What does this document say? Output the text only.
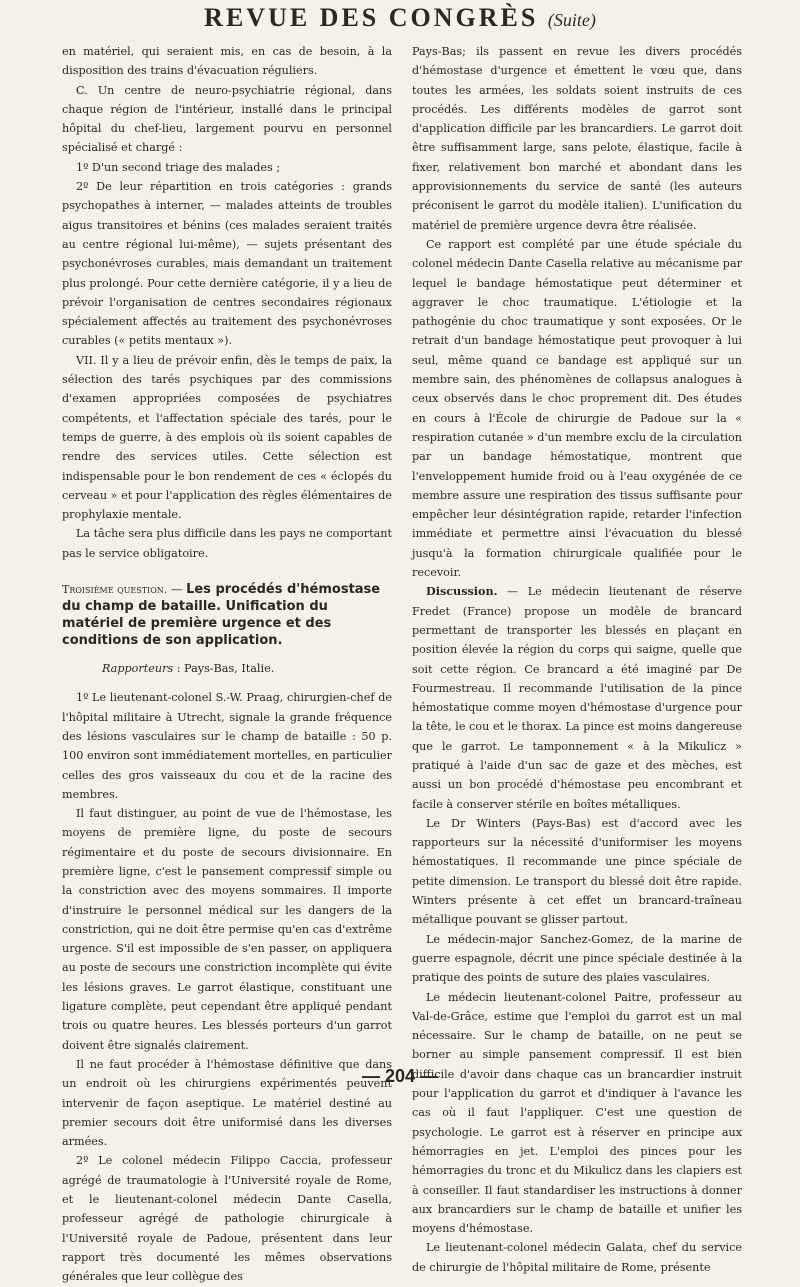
REVUE DES CONGRÈS (Suite)

en matériel, qui seraient mis, en cas de besoin, à la disposition des trains d'évacuation réguliers.

C. Un centre de neuro-psychiatrie régional, dans chaque région de l'intérieur, installé dans le principal hôpital du chef-lieu, largement pourvu en personnel spécialisé et chargé :

1º D'un second triage des malades ;

2º De leur répartition en trois catégories : grands psychopathes à interner, — malades atteints de troubles aigus transitoires et bénins (ces malades seraient traités au centre régional lui-même), — sujets présentant des psychonévroses curables, mais demandant un traitement plus prolongé. Pour cette dernière catégorie, il y a lieu de prévoir l'organisation de centres secondaires régionaux spécialement affectés au traitement des psychonévroses curables (« petits mentaux »).

VII. Il y a lieu de prévoir enfin, dès le temps de paix, la sélection des tarés psychiques par des commissions d'examen appropriées composées de psychiatres compétents, et l'affectation spéciale des tarés, pour le temps de guerre, à des emplois où ils soient capables de rendre des services utiles. Cette sélection est indispensable pour le bon rendement de ces « éclopés du cerveau » et pour l'application des règles élémentaires de prophylaxie mentale.

La tâche sera plus difficile dans les pays ne comportant pas le service obligatoire.

Troisième question. — Les procédés d'hémostase du champ de bataille. Unification du matériel de première urgence et des conditions de son application.

Rapporteurs : Pays-Bas, Italie.

1º Le lieutenant-colonel S.-W. Praag, chirurgien-chef de l'hôpital militaire à Utrecht, signale la grande fréquence des lésions vasculaires sur le champ de bataille : 50 p. 100 environ sont immédiatement mortelles, en particulier celles des gros vaisseaux du cou et de la racine des membres.

Il faut distinguer, au point de vue de l'hémostase, les moyens de première ligne, du poste de secours régimentaire et du poste de secours divisionnaire. En première ligne, c'est le pansement compressif simple ou la constriction avec des moyens sommaires. Il importe d'instruire le personnel médical sur les dangers de la constriction, qui ne doit être permise qu'en cas d'extrême urgence. S'il est impossible de s'en passer, on appliquera au poste de secours une constriction incomplète qui évite les lésions graves. Le garrot élastique, constituant une ligature complète, peut cependant être appliqué pendant trois ou quatre heures. Les blessés porteurs d'un garrot doivent être signalés clairement.

Il ne faut procéder à l'hémostase définitive que dans un endroit où les chirurgiens expérimentés peuvent intervenir de façon aseptique. Le matériel destiné au premier secours doit être uniformisé dans les diverses armées.

2º Le colonel médecin Filippo Caccia, professeur agrégé de traumatologie à l'Université royale de Rome, et le lieutenant-colonel médecin Dante Casella, professeur agrégé de pathologie chirurgicale à l'Université royale de Padoue, présentent dans leur rapport très documenté les mêmes observations générales que leur collègue des

Pays-Bas; ils passent en revue les divers procédés d'hémostase d'urgence et émettent le vœu que, dans toutes les armées, les soldats soient instruits de ces procédés. Les différents modèles de garrot sont d'application difficile par les brancardiers. Le garrot doit être suffisamment large, sans pelote, élastique, facile à fixer, relativement bon marché et abondant dans les approvisionnements du service de santé (les auteurs préconisent le garrot du modèle italien). L'unification du matériel de première urgence devra être réalisée.

Ce rapport est complété par une étude spéciale du colonel médecin Dante Casella relative au mécanisme par lequel le bandage hémostatique peut déterminer et aggraver le choc traumatique. L'étiologie et la pathogénie du choc traumatique y sont exposées. Or le retrait d'un bandage hémostatique peut provoquer à lui seul, même quand ce bandage est appliqué sur un membre sain, des phénomènes de collapsus analogues à ceux observés dans le choc proprement dit. Des études en cours à l'École de chirurgie de Padoue sur la « respiration cutanée » d'un membre exclu de la circulation par un bandage hémostatique, montrent que l'enveloppement humide froid ou à l'eau oxygénée de ce membre assure une respiration des tissus suffisante pour empêcher leur désintégration rapide, retarder l'infection immédiate et permettre ainsi l'évacuation du blessé jusqu'à la formation chirurgicale qualifiée pour le recevoir.

Discussion. — Le médecin lieutenant de réserve Fredet (France) propose un modèle de brancard permettant de transporter les blessés en plaçant en position élevée la région du corps qui saigne, quelle que soit cette région. Ce brancard a été imaginé par De Fourmestreau. Il recommande l'utilisation de la pince hémostatique comme moyen d'hémostase d'urgence pour la tête, le cou et le thorax. La pince est moins dangereuse que le garrot. Le tamponnement « à la Mikulicz » pratiqué à l'aide d'un sac de gaze et des mèches, est aussi un bon procédé d'hémostase peu encombrant et facile à conserver stérile en boîtes métalliques.

Le Dr Winters (Pays-Bas) est d'accord avec les rapporteurs sur la nécessité d'uniformiser les moyens hémostatiques. Il recommande une pince spéciale de petite dimension. Le transport du blessé doit être rapide. Winters présente à cet effet un brancard-traîneau métallique pouvant se glisser partout.

Le médecin-major Sanchez-Gomez, de la marine de guerre espagnole, décrit une pince spéciale destinée à la pratique des points de suture des plaies vasculaires.

Le médecin lieutenant-colonel Paitre, professeur au Val-de-Grâce, estime que l'emploi du garrot est un mal nécessaire. Sur le champ de bataille, on ne peut se borner au simple pansement compressif. Il est bien difficile d'avoir dans chaque cas un brancardier instruit pour l'application du garrot et d'indiquer à l'avance les cas où il faut l'appliquer. C'est une question de psychologie. Le garrot est à réserver en principe aux hémorragies en jet. L'emploi des pinces pour les hémorragies du tronc et du Mikulicz dans les clapiers est à conseiller. Il faut standardiser les instructions à donner aux brancardiers sur le champ de bataille et unifier les moyens d'hémostase.

Le lieutenant-colonel médecin Galata, chef du service de chirurgie de l'hôpital militaire de Rome, présente

— 204 —
